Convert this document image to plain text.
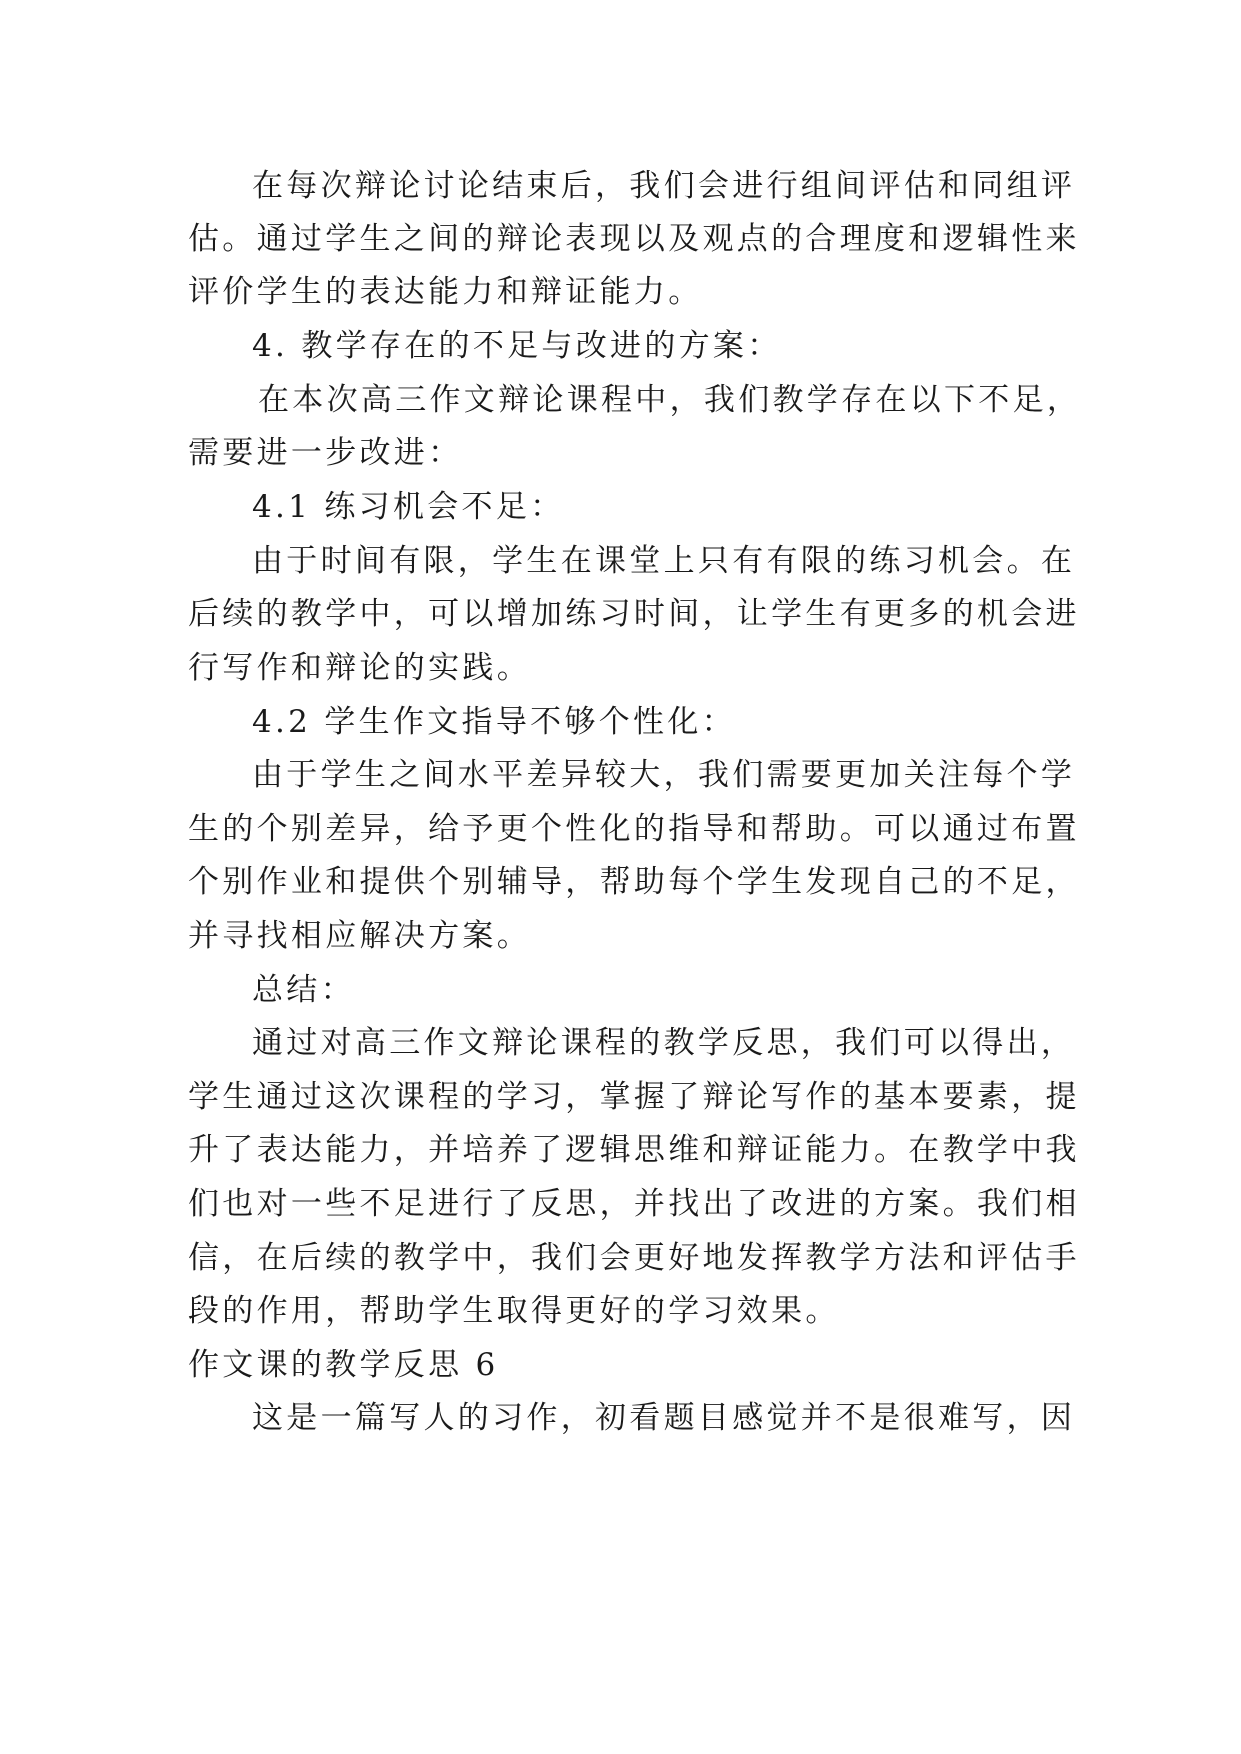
在每次辩论讨论结束后，我们会进行组间评估和同组评
估。通过学生之间的辩论表现以及观点的合理度和逻辑性来
评价学生的表达能力和辩证能力。
4. 教学存在的不足与改进的方案：
在本次高三作文辩论课程中，我们教学存在以下不足，
需要进一步改进：
4.1 练习机会不足：
由于时间有限，学生在课堂上只有有限的练习机会。在
后续的教学中，可以增加练习时间，让学生有更多的机会进
行写作和辩论的实践。
4.2 学生作文指导不够个性化：
由于学生之间水平差异较大，我们需要更加关注每个学
生的个别差异，给予更个性化的指导和帮助。可以通过布置
个别作业和提供个别辅导，帮助每个学生发现自己的不足，
并寻找相应解决方案。
总结：
通过对高三作文辩论课程的教学反思，我们可以得出，
学生通过这次课程的学习，掌握了辩论写作的基本要素，提
升了表达能力，并培养了逻辑思维和辩证能力。在教学中我
们也对一些不足进行了反思，并找出了改进的方案。我们相
信，在后续的教学中，我们会更好地发挥教学方法和评估手
段的作用，帮助学生取得更好的学习效果。
作文课的教学反思 6
这是一篇写人的习作，初看题目感觉并不是很难写，因
